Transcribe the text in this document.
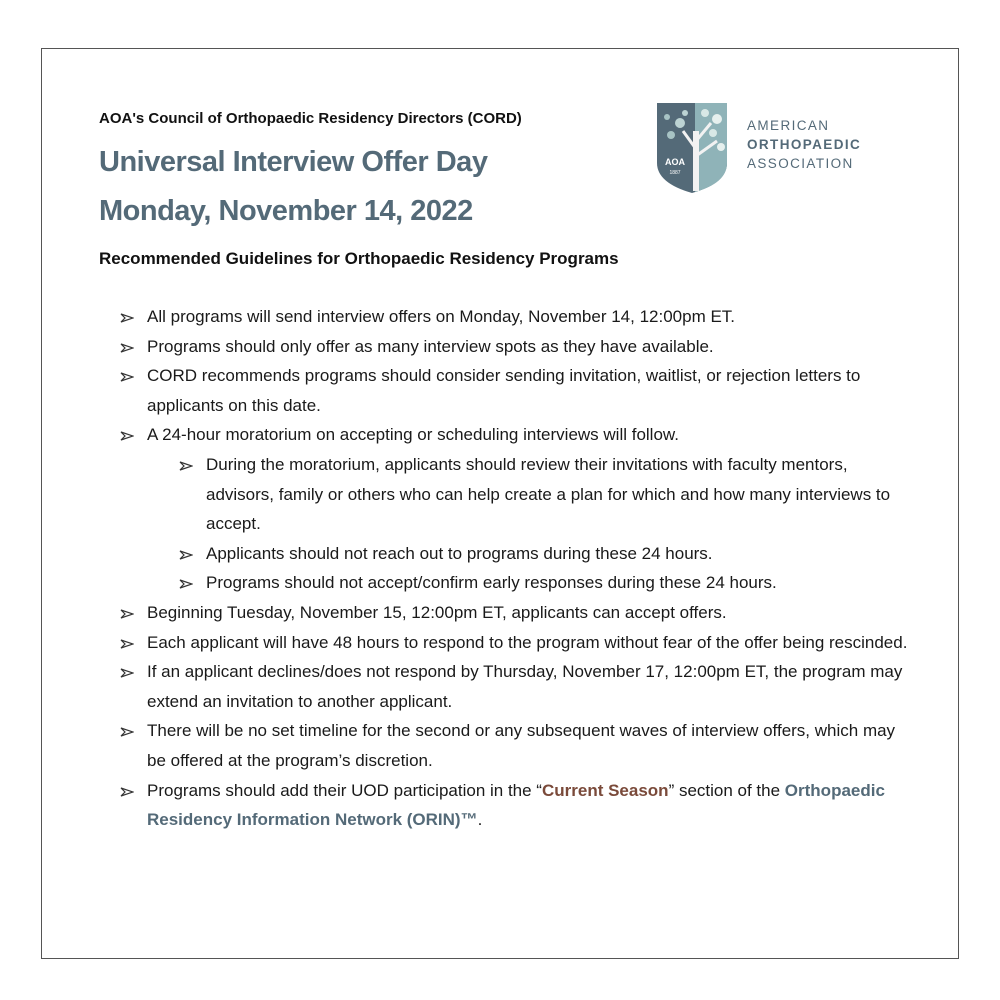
AOA's Council of Orthopaedic Residency Directors (CORD)
Universal Interview Offer Day
Monday, November 14, 2022
Recommended Guidelines for Orthopaedic Residency Programs
AOA
1887
AMERICAN
ORTHOPAEDIC
ASSOCIATION
All programs will send interview offers on Monday, November 14, 12:00pm ET.
Programs should only offer as many interview spots as they have available.
CORD recommends programs should consider sending invitation, waitlist, or rejection letters to applicants on this date.
A 24-hour moratorium on accepting or scheduling interviews will follow.
During the moratorium, applicants should review their invitations with faculty mentors, advisors, family or others who can help create a plan for which and how many interviews to accept.
Applicants should not reach out to programs during these 24 hours.
Programs should not accept/confirm early responses during these 24 hours.
Beginning Tuesday, November 15, 12:00pm ET, applicants can accept offers.
Each applicant will have 48 hours to respond to the program without fear of the offer being rescinded.
If an applicant declines/does not respond by Thursday, November 17, 12:00pm ET, the program may extend an invitation to another applicant.
There will be no set timeline for the second or any subsequent waves of interview offers, which may be offered at the program’s discretion.
Programs should add their UOD participation in the “Current Season” section of the Orthopaedic Residency Information Network (ORIN)™.
